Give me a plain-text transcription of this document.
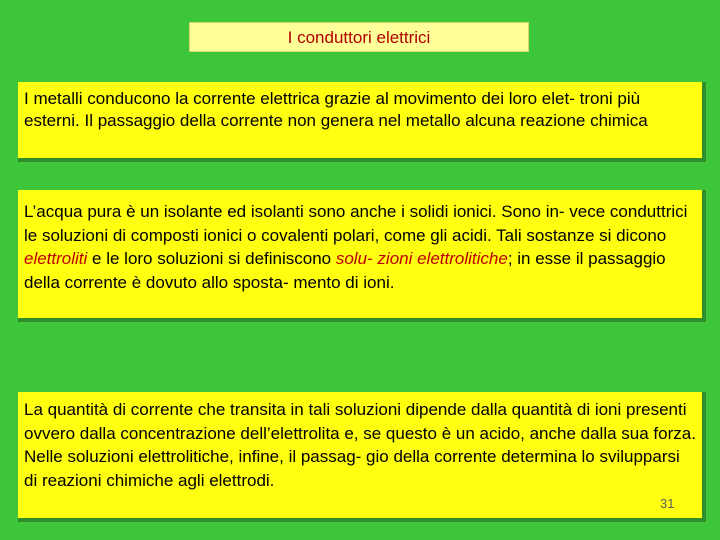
I conduttori elettrici
I metalli conducono la corrente elettrica grazie al movimento dei loro elet- troni più esterni. Il passaggio della corrente non genera nel metallo alcuna reazione chimica
L’acqua pura è un isolante ed isolanti sono anche i solidi ionici. Sono in- vece conduttrici le soluzioni di composti ionici o covalenti polari, come gli acidi. Tali sostanze si dicono elettroliti e le loro soluzioni si definiscono solu- zioni elettrolitiche; in esse il passaggio della corrente è dovuto allo sposta- mento di ioni.
La quantità di corrente che transita in tali soluzioni dipende dalla quantità di ioni presenti ovvero dalla concentrazione dell’elettrolita e, se questo è un acido, anche dalla sua forza. Nelle soluzioni elettrolitiche, infine, il passag- gio della corrente determina lo svilupparsi di reazioni chimiche agli elettrodi.
31
